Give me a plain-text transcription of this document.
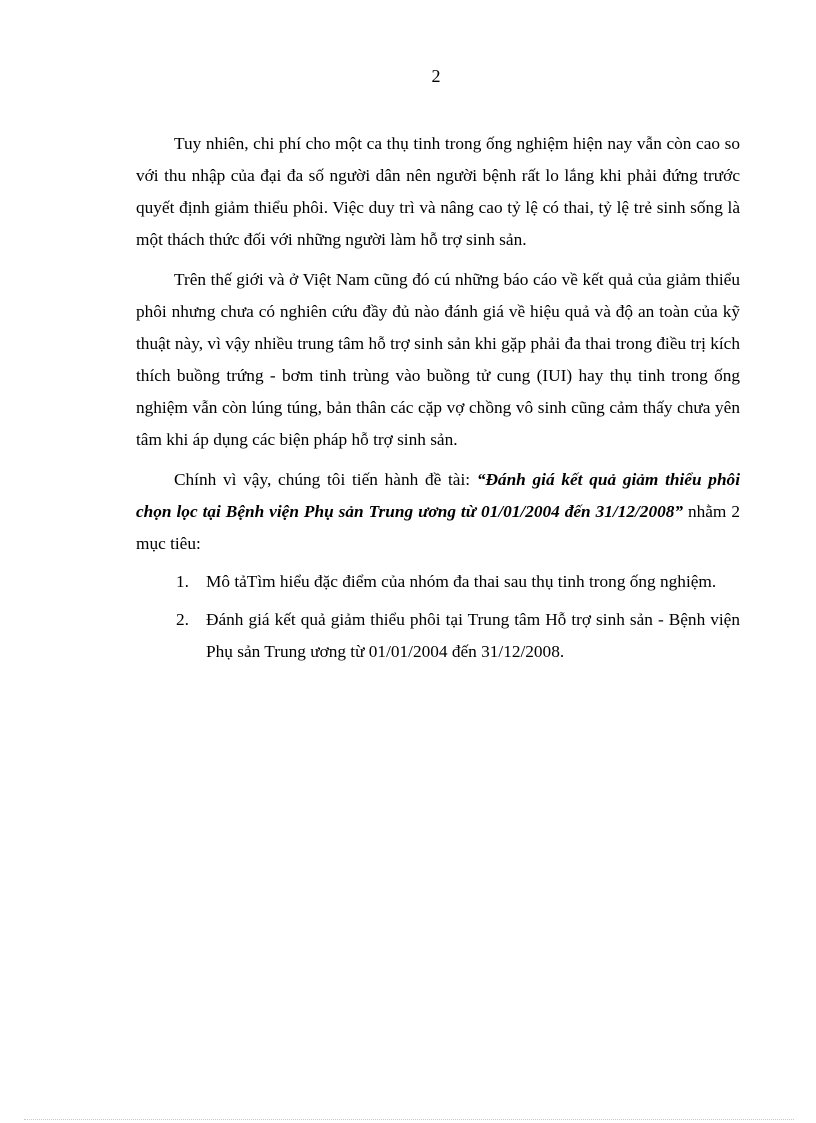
2

Tuy nhiên, chi phí cho một ca thụ tinh trong ống nghiệm hiện nay vẫn còn cao so với thu nhập của đại đa số người dân nên người bệnh rất lo lắng khi phải đứng trước quyết định giảm thiểu phôi. Việc duy trì và nâng cao tỷ lệ có thai, tỷ lệ trẻ sinh sống là một thách thức đối với những người làm hỗ trợ sinh sản.

Trên thế giới và ở Việt Nam cũng đó cú những báo cáo về kết quả của giảm thiểu phôi nhưng chưa có nghiên cứu đầy đủ nào đánh giá về hiệu quả và độ an toàn của kỹ thuật này, vì vậy nhiều trung tâm hỗ trợ sinh sản khi gặp phải đa thai trong điều trị kích thích buồng trứng - bơm tinh trùng vào buồng tử cung (IUI) hay thụ tinh trong ống nghiệm vẫn còn lúng túng, bản thân các cặp vợ chồng vô sinh cũng cảm thấy chưa yên tâm khi áp dụng các biện pháp hỗ trợ sinh sản.

Chính vì vậy, chúng tôi tiến hành đề tài: “Đánh giá kết quả giảm thiểu phôi chọn lọc tại Bệnh viện Phụ sản Trung ương từ 01/01/2004 đến 31/12/2008” nhằm 2 mục tiêu:

1. Mô tảTìm hiểu đặc điểm của nhóm đa thai sau thụ tinh trong ống nghiệm.
2. Đánh giá kết quả giảm thiểu phôi tại Trung tâm Hỗ trợ sinh sản - Bệnh viện Phụ sản Trung ương từ 01/01/2004 đến 31/12/2008.
